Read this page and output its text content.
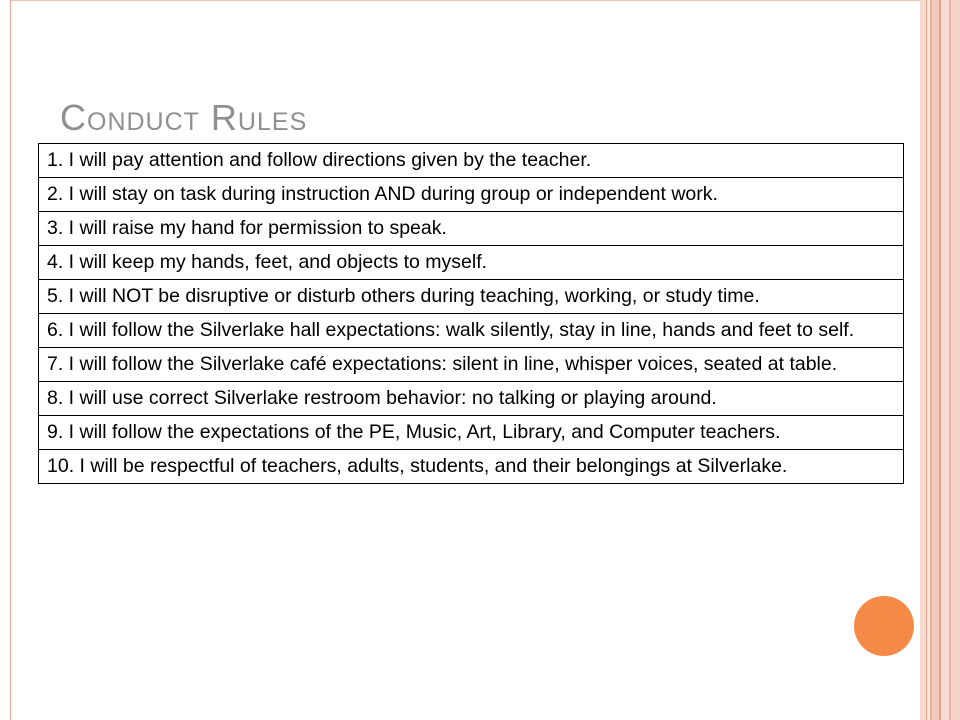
Conduct Rules
1. I will pay attention and follow directions given by the teacher.
2. I will stay on task during instruction AND during group or independent work.
3. I will raise my hand for permission to speak.
4. I will keep my hands, feet, and objects to myself.
5. I will NOT be disruptive or disturb others during teaching, working, or study time.
6. I will follow the Silverlake hall expectations: walk silently, stay in line, hands and feet to self.
7. I will follow the Silverlake café expectations: silent in line, whisper voices, seated at table.
8. I will use correct Silverlake restroom behavior: no talking or playing around.
9. I will follow the expectations of the PE, Music, Art, Library, and Computer teachers.
10. I will be respectful of teachers, adults, students, and their belongings at Silverlake.
